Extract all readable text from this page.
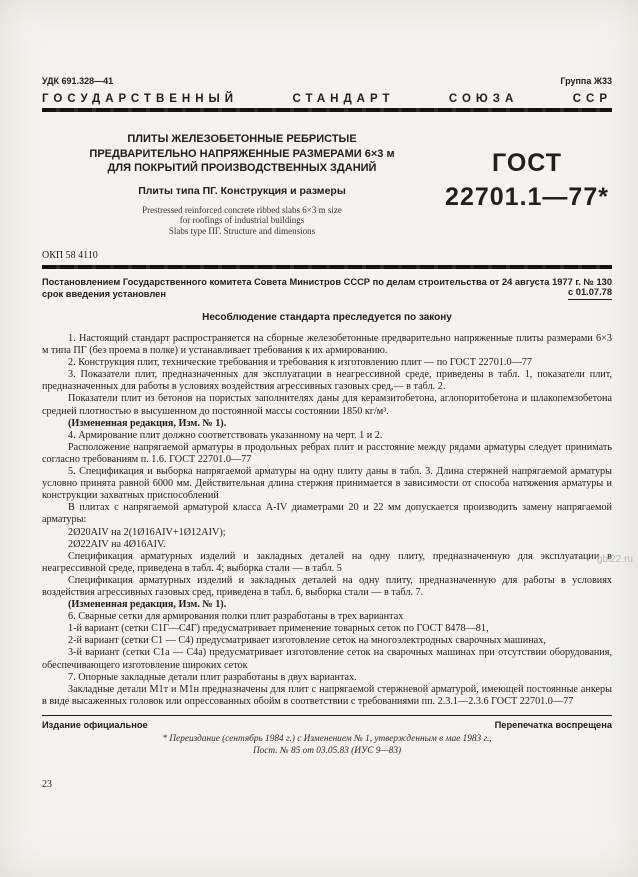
УДК 691.328—41	Группа Ж33
ГОСУДАРСТВЕННЫЙ СТАНДАРТ СОЮЗА ССР
ПЛИТЫ ЖЕЛЕЗОБЕТОННЫЕ РЕБРИСТЫЕ
ПРЕДВАРИТЕЛЬНО НАПРЯЖЕННЫЕ РАЗМЕРАМИ 6×3 м
ДЛЯ ПОКРЫТИЙ ПРОИЗВОДСТВЕННЫХ ЗДАНИЙ
Плиты типа ПГ. Конструкция и размеры
Prestressed reinforced concrete ribbed slabs 6×3 m size
for roofings of industrial buildings
Slabs type ПГ. Structure and dimensions
ГОСТ
22701.1—77*
ОКП 58 4110
Постановлением Государственного комитета Совета Министров СССР по делам строительства от 24 августа 1977 г. № 130 срок введения установлен	с 01.07.78
Несоблюдение стандарта преследуется по закону
1. Настоящий стандарт распространяется на сборные железобетонные предварительно напряженные плиты размерами 6×3 м типа ПГ (без проема в полке) и устанавливает требования к их армированию.
2. Конструкция плит, технические требования и требования к изготовлению плит — по ГОСТ 22701.0—77
3. Показатели плит, предназначенных для эксплуатации в неагрессивной среде, приведены в табл. 1, показатели плит, предназначенных для работы в условиях воздействия агрессивных газовых сред,— в табл. 2.
Показатели плит из бетонов на пористых заполнителях даны для керамзитобетона, аглопоритобетона и шлакопемзобетона средней плотностью в высушенном до постоянной массы состоянии 1850 кг/м³.
(Измененная редакция, Изм. № 1).
4. Армирование плит должно соответствовать указанному на черт. 1 и 2.
Расположение напрягаемой арматуры в продольных ребрах плит и расстояние между рядами арматуры следует принимать согласно требованиям п. 1.6. ГОСТ 22701.0—77
5. Спецификация и выборка напрягаемой арматуры на одну плиту даны в табл. 3. Длина стержней напрягаемой арматуры условно принята равной 6000 мм. Действительная длина стержня принимается в зависимости от способа натяжения арматуры и конструкции захватных приспособлений
В плитах с напрягаемой арматурой класса A-IV диаметрами 20 и 22 мм допускается производить замену напрягаемой арматуры:
2Ø20АIV на 2(1Ø16АIV+1Ø12АIV);
2Ø22АIV на 4Ø16АIV.
Спецификация арматурных изделий и закладных деталей на одну плиту, предназначенную для эксплуатации в неагрессивной среде, приведена в табл. 4; выборка стали — в табл. 5
Спецификация арматурных изделий и закладных деталей на одну плиту, предназначенную для работы в условиях воздействия агрессивных газовых сред, приведена в табл. 6, выборка стали — в табл. 7.
(Измененная редакция, Изм. № 1).
6. Сварные сетки для армирования полки плит разработаны в трех вариантах
1-й вариант (сетки С1Г—С4Г) предусматривает применение товарных сеток по ГОСТ 8478—81,
2-й вариант (сетки С1 — С4) предусматривает изготовление сеток на многоэлектродных сварочных машинах,
3-й вариант (сетки С1а — С4а) предусматривает изготовление сеток на сварочных машинах при отсутствии оборудования, обеспечивающего изготовление широких сеток
7. Опорные закладные детали плит разработаны в двух вариантах.
Закладные детали М1т и М1н предназначены для плит с напрягаемой стержневой арматурой, имеющей постоянные анкеры в виде высаженных головок или опрессованных обойм в соответствии с требованиями пп. 2.3.1—2.3.6 ГОСТ 22701.0—77
Издание официальное	Перепечатка воспрещена
* Переиздание (сентябрь 1984 г.) с Изменением № 1, утвержденным в мае 1983 г.,
Пост. № 85 от 03.05.83 (ИУС 9—83)
23
gbi22.ru
